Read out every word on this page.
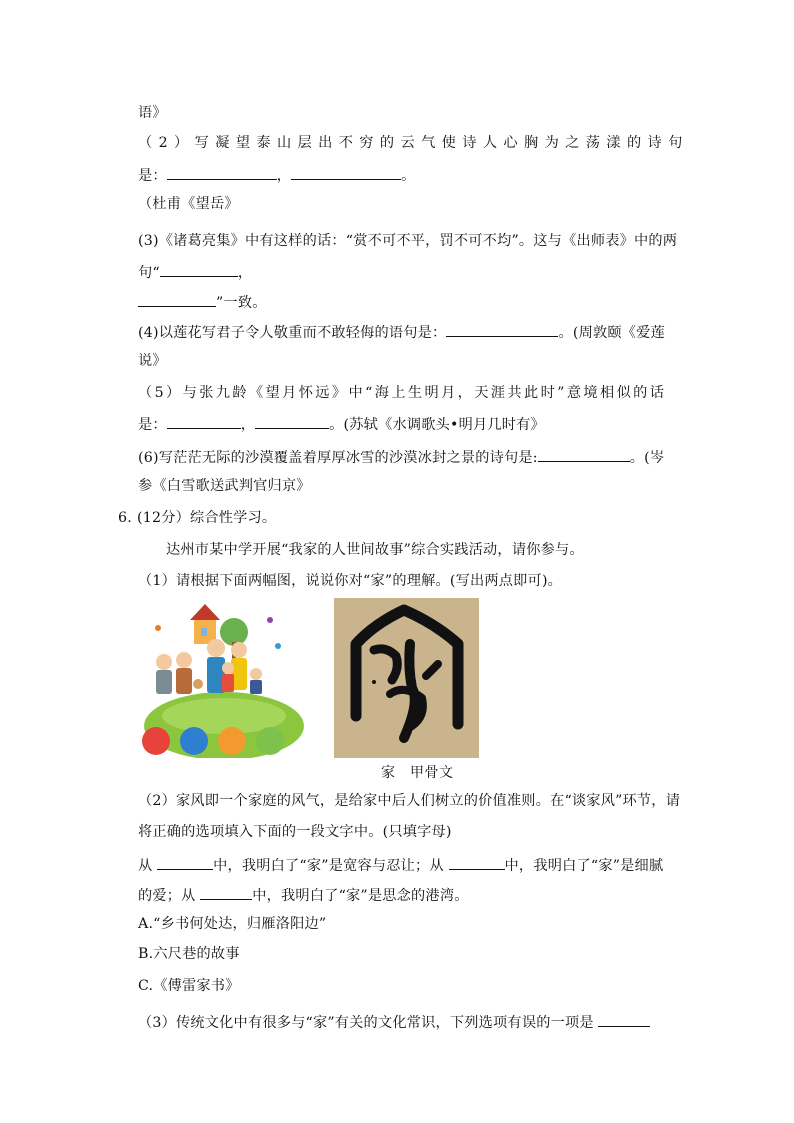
语》
（2）写凝望泰山层出不穷的云气使诗人心胸为之荡漾的诗句
是：	，	。
（杜甫《望岳》
(3)《诸葛亮集》中有这样的话：“赏不可不平，罚不可不均”。这与《出师表》中的两
句“	，
”一致。
(4)以莲花写君子令人敬重而不敢轻侮的语句是：	。(周敦颐《爱莲
说》
（5）与张九龄《望月怀远》中“海上生明月，天涯共此时”意境相似的话
是：	，	。(苏轼《水调歌头•明月几时有》
(6)写茫茫无际的沙漠覆盖着厚厚冰雪的沙漠冰封之景的诗句是:	。(岑
参《白雪歌送武判官归京》
6. (12分）综合性学习。
达州市某中学开展“我家的人世间故事”综合实践活动，请你参与。
（1）请根据下面两幅图，说说你对“家”的理解。(写出两点即可)。
家　甲骨文
（2）家风即一个家庭的风气，是给家中后人们树立的价值准则。在“谈家风”环节，请
将正确的选项填入下面的一段文字中。(只填字母)
从	中，我明白了“家”是宽容与忍让；从	中，我明白了“家”是细腻
的爱；从	中，我明白了“家”是思念的港湾。
A.“乡书何处达，归雁洛阳边”
B.六尺巷的故事
C.《傅雷家书》
（3）传统文化中有很多与“家”有关的文化常识，下列选项有误的一项是
